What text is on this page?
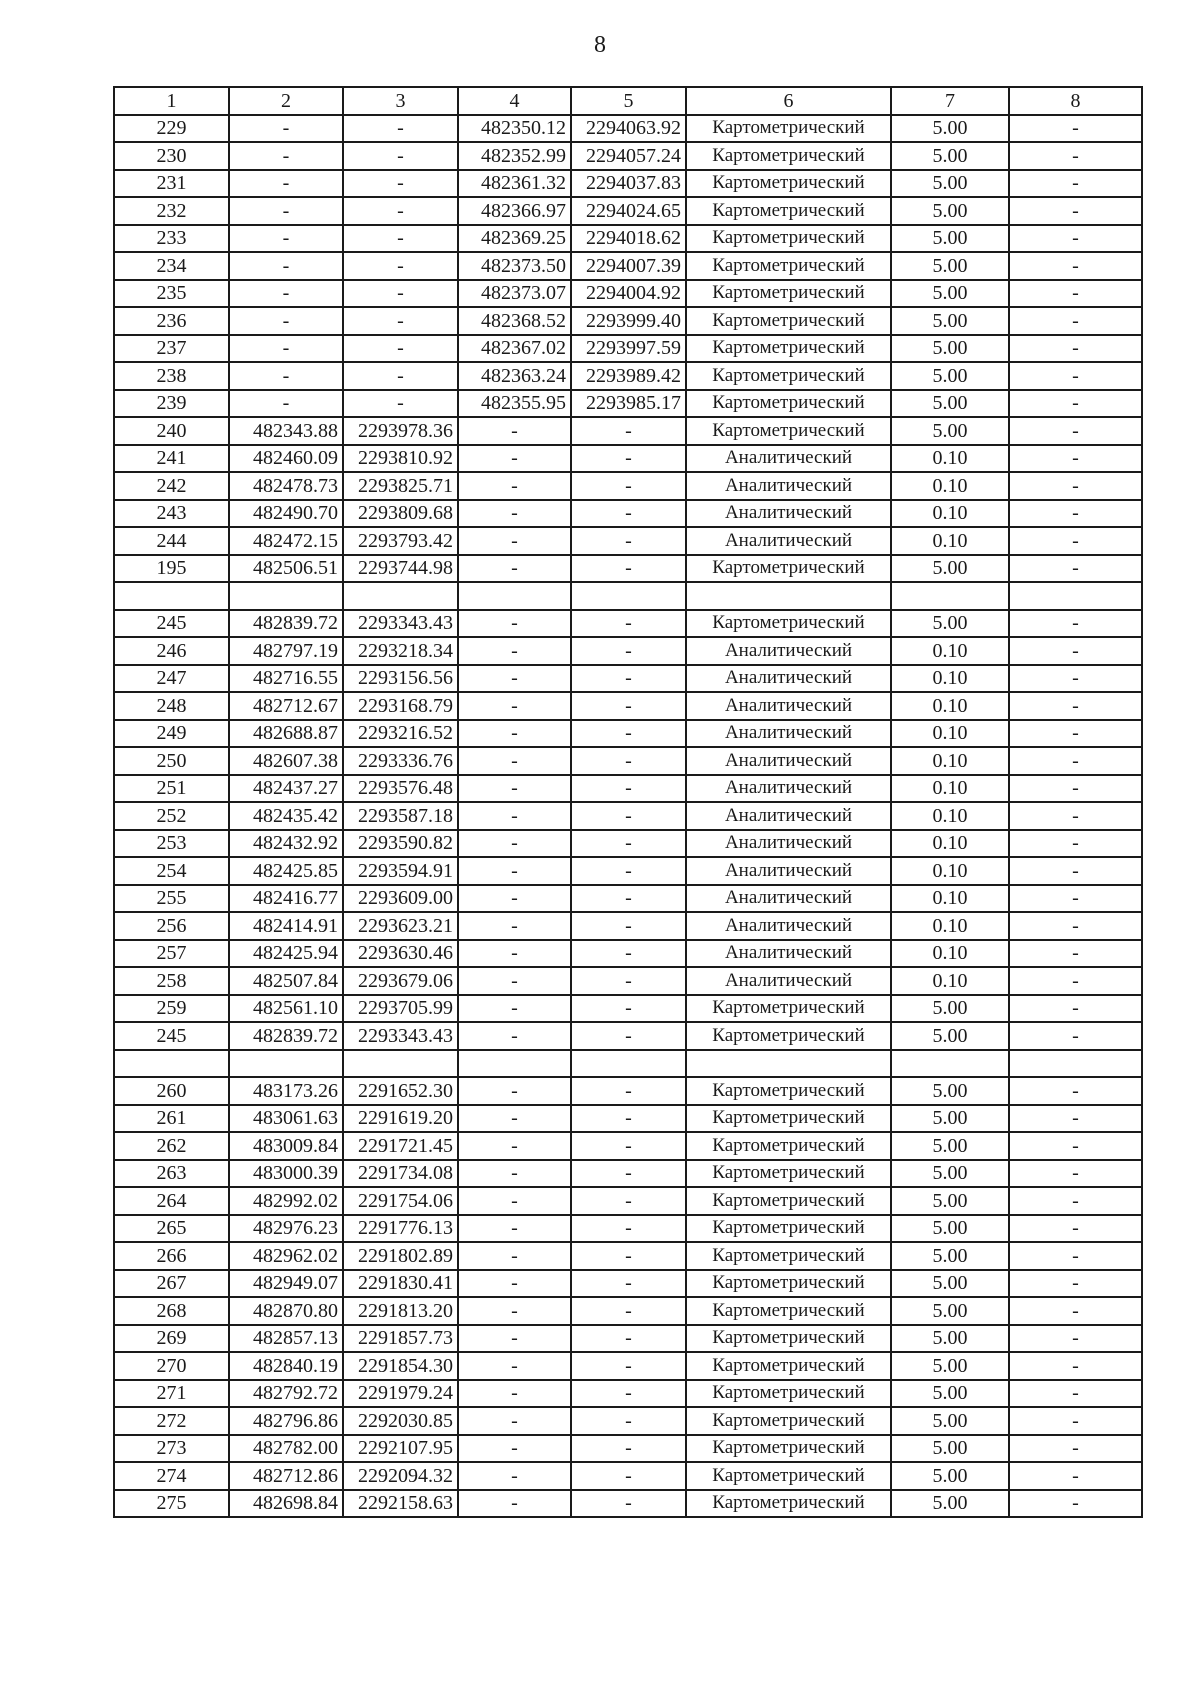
8
1	2	3	4	5	6	7	8
229	-	-	482350.12	2294063.92	Картометрический	5.00	-
230	-	-	482352.99	2294057.24	Картометрический	5.00	-
231	-	-	482361.32	2294037.83	Картометрический	5.00	-
232	-	-	482366.97	2294024.65	Картометрический	5.00	-
233	-	-	482369.25	2294018.62	Картометрический	5.00	-
234	-	-	482373.50	2294007.39	Картометрический	5.00	-
235	-	-	482373.07	2294004.92	Картометрический	5.00	-
236	-	-	482368.52	2293999.40	Картометрический	5.00	-
237	-	-	482367.02	2293997.59	Картометрический	5.00	-
238	-	-	482363.24	2293989.42	Картометрический	5.00	-
239	-	-	482355.95	2293985.17	Картометрический	5.00	-
240	482343.88	2293978.36	-	-	Картометрический	5.00	-
241	482460.09	2293810.92	-	-	Аналитический	0.10	-
242	482478.73	2293825.71	-	-	Аналитический	0.10	-
243	482490.70	2293809.68	-	-	Аналитический	0.10	-
244	482472.15	2293793.42	-	-	Аналитический	0.10	-
195	482506.51	2293744.98	-	-	Картометрический	5.00	-

245	482839.72	2293343.43	-	-	Картометрический	5.00	-
246	482797.19	2293218.34	-	-	Аналитический	0.10	-
247	482716.55	2293156.56	-	-	Аналитический	0.10	-
248	482712.67	2293168.79	-	-	Аналитический	0.10	-
249	482688.87	2293216.52	-	-	Аналитический	0.10	-
250	482607.38	2293336.76	-	-	Аналитический	0.10	-
251	482437.27	2293576.48	-	-	Аналитический	0.10	-
252	482435.42	2293587.18	-	-	Аналитический	0.10	-
253	482432.92	2293590.82	-	-	Аналитический	0.10	-
254	482425.85	2293594.91	-	-	Аналитический	0.10	-
255	482416.77	2293609.00	-	-	Аналитический	0.10	-
256	482414.91	2293623.21	-	-	Аналитический	0.10	-
257	482425.94	2293630.46	-	-	Аналитический	0.10	-
258	482507.84	2293679.06	-	-	Аналитический	0.10	-
259	482561.10	2293705.99	-	-	Картометрический	5.00	-
245	482839.72	2293343.43	-	-	Картометрический	5.00	-

260	483173.26	2291652.30	-	-	Картометрический	5.00	-
261	483061.63	2291619.20	-	-	Картометрический	5.00	-
262	483009.84	2291721.45	-	-	Картометрический	5.00	-
263	483000.39	2291734.08	-	-	Картометрический	5.00	-
264	482992.02	2291754.06	-	-	Картометрический	5.00	-
265	482976.23	2291776.13	-	-	Картометрический	5.00	-
266	482962.02	2291802.89	-	-	Картометрический	5.00	-
267	482949.07	2291830.41	-	-	Картометрический	5.00	-
268	482870.80	2291813.20	-	-	Картометрический	5.00	-
269	482857.13	2291857.73	-	-	Картометрический	5.00	-
270	482840.19	2291854.30	-	-	Картометрический	5.00	-
271	482792.72	2291979.24	-	-	Картометрический	5.00	-
272	482796.86	2292030.85	-	-	Картометрический	5.00	-
273	482782.00	2292107.95	-	-	Картометрический	5.00	-
274	482712.86	2292094.32	-	-	Картометрический	5.00	-
275	482698.84	2292158.63	-	-	Картометрический	5.00	-
